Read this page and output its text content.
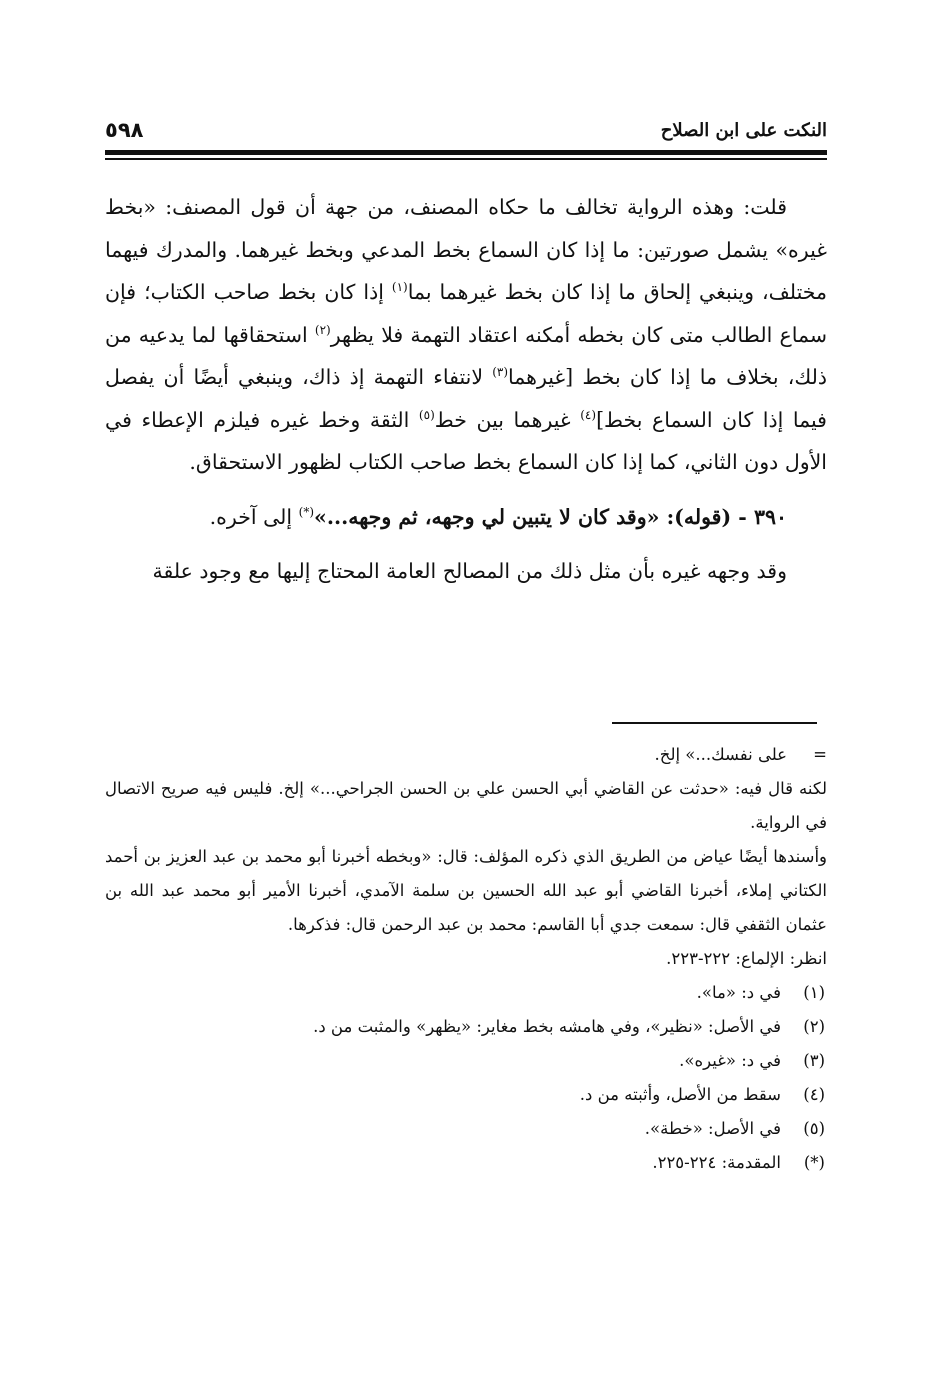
النكت على ابن الصلاح
٥٩٨

قلت: وهذه الرواية تخالف ما حكاه المصنف، من جهة أن قول المصنف: «بخط غيره» يشمل صورتين: ما إذا كان السماع بخط المدعي وبخط غيرهما. والمدرك فيهما مختلف، وينبغي إلحاق ما إذا كان بخط غيرهما بما$^{(١)}$ إذا كان بخط صاحب الكتاب؛ فإن سماع الطالب متى كان بخطه أمكنه اعتقاد التهمة فلا يظهر$^{(٢)}$ استحقاقها لما يدعيه من ذلك، بخلاف ما إذا كان بخط [غيرهما$^{(٣)}$ لانتفاء التهمة إذ ذاك، وينبغي أيضًا أن يفصل فيما إذا كان السماع بخط]$^{(٤)}$ غيرهما بين خط$^{(٥)}$ الثقة وخط غيره فيلزم الإعطاء في الأول دون الثاني، كما إذا كان السماع بخط صاحب الكتاب لظهور الاستحقاق.

٣٩٠ - (قوله): «وقد كان لا يتبين لي وجهه، ثم وجهه...»(*) إلى آخره.

وقد وجهه غيره بأن مثل ذلك من المصالح العامة المحتاج إليها مع وجود علقة

=
على نفسك...» إلخ.

لكنه قال فيه: «حدثت عن القاضي أبي الحسن علي بن الحسن الجراحي...» إلخ. فليس فيه صريح الاتصال في الرواية.

وأسندها أيضًا عياض من الطريق الذي ذكره المؤلف: قال: «وبخطه أخبرنا أبو محمد بن عبد العزيز بن أحمد الكتاني إملاء، أخبرنا القاضي أبو عبد الله الحسين بن سلمة الآمدي، أخبرنا الأمير أبو محمد عبد الله بن عثمان الثقفي قال: سمعت جدي أبا القاسم: محمد بن عبد الرحمن قال: فذكرها.

انظر: الإلماع: ٢٢٢-٢٢٣.

(١)
في د: «ما».
(٢)
في الأصل: «نظير»، وفي هامشه بخط مغاير: «يظهر» والمثبت من د.
(٣)
في د: «غيره».
(٤)
سقط من الأصل، وأثبته من د.
(٥)
في الأصل: «خطة».
(*)
المقدمة: ٢٢٤-٢٢٥.
